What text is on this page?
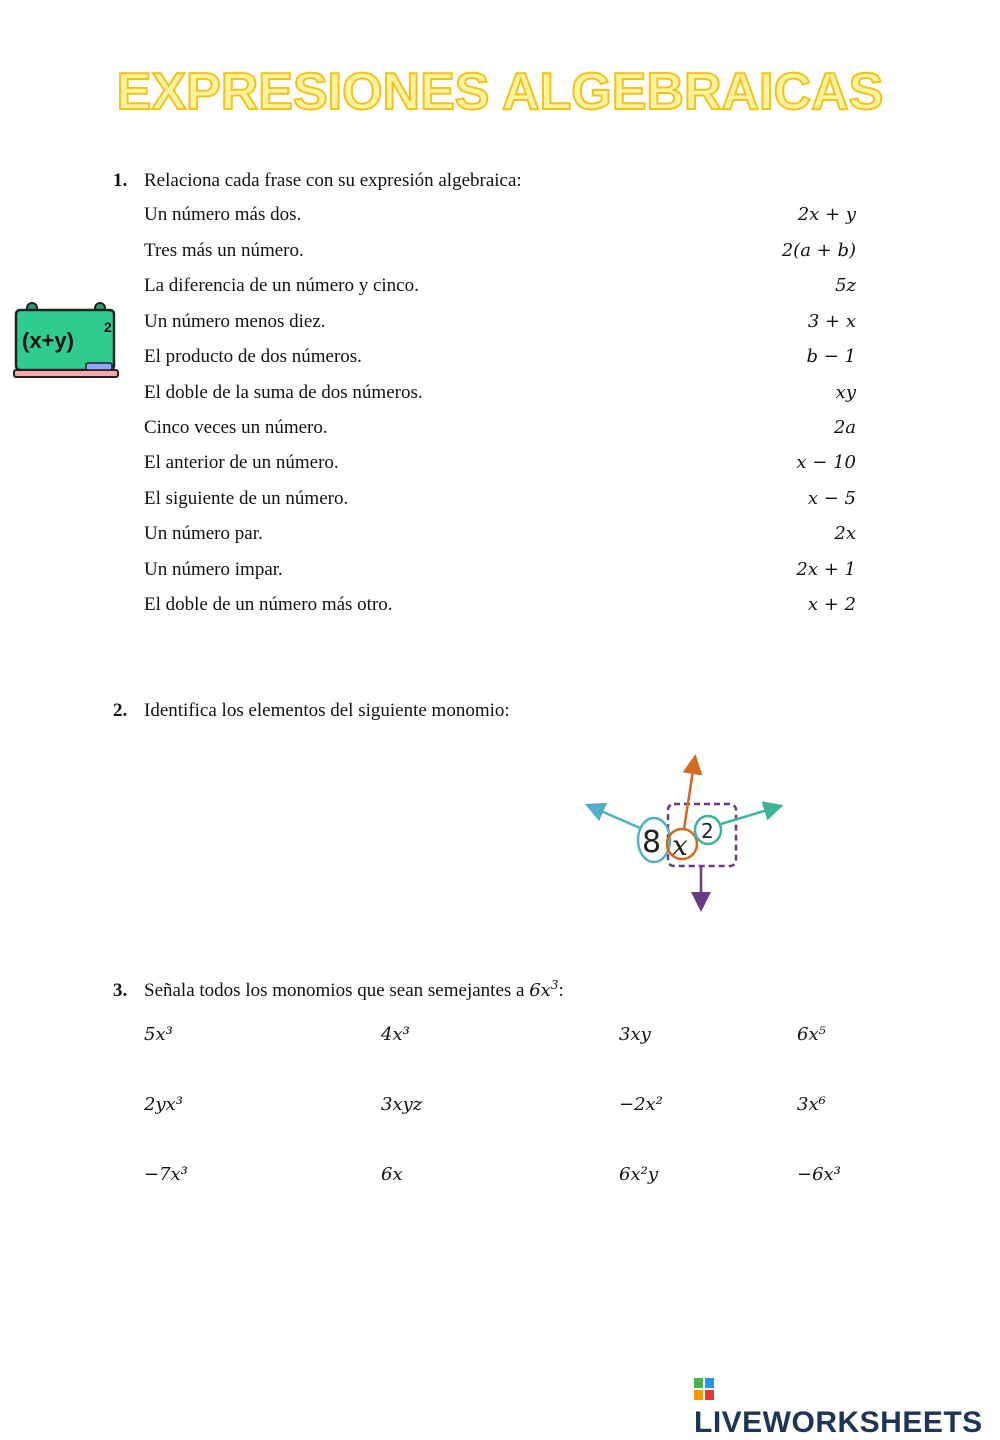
EXPRESIONES ALGEBRAICAS
1. Relaciona cada frase con su expresión algebraica:
Un número más dos.	2x + y
Tres más un número.	2(a + b)
La diferencia de un número y cinco.	5z
Un número menos diez.	3 + x
El producto de dos números.	b − 1
El doble de la suma de dos números.	xy
Cinco veces un número.	2a
El anterior de un número.	x − 10
El siguiente de un número.	x − 5
Un número par.	2x
Un número impar.	2x + 1
El doble de un número más otro.	x + 2
(x+y)
2
2. Identifica los elementos del siguiente monomio:
8 x 2
3. Señala todos los monomios que sean semejantes a $6x^3$:
5x³	4x³	3xy	6x⁵
2yx³	3xyz	−2x²	3x⁶
−7x³	6x	6x²y	−6x³
LIVEWORKSHEETS
